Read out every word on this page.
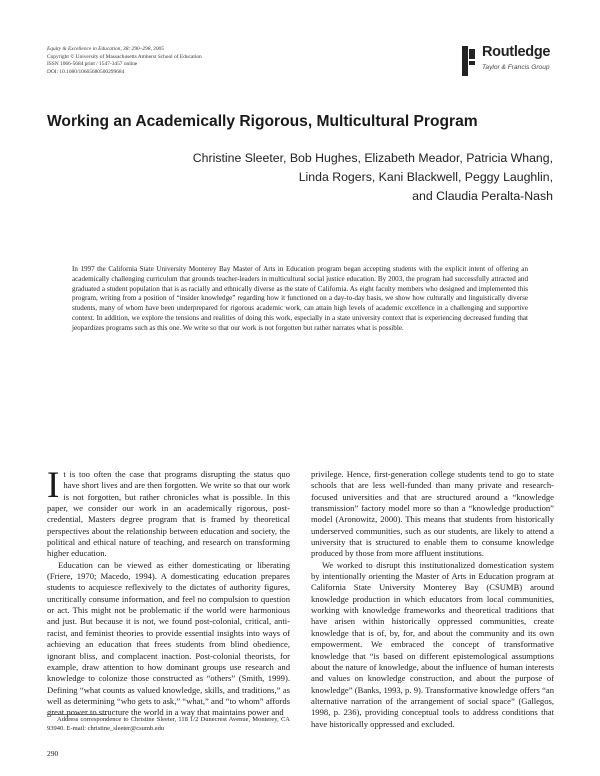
Equity & Excellence in Education, 38: 290–298, 2005
Copyright © University of Massachusetts Amherst School of Education
ISSN 1066-5684 print / 1547-3457 online
DOI: 10.1080/10665680500299684
Routledge
Taylor & Francis Group
Working an Academically Rigorous, Multicultural Program
Christine Sleeter, Bob Hughes, Elizabeth Meador, Patricia Whang,
Linda Rogers, Kani Blackwell, Peggy Laughlin,
and Claudia Peralta-Nash

In 1997 the California State University Monterey Bay Master of Arts in Education program began accepting students with the explicit intent of offering an academically challenging curriculum that grounds teacher-leaders in multicultural social justice education. By 2003, the program had successfully attracted and graduated a student population that is as racially and ethnically diverse as the state of California. As eight faculty members who designed and implemented this program, writing from a position of “insider knowledge” regarding how it functioned on a day-to-day basis, we show how culturally and linguistically diverse students, many of whom have been underprepared for rigorous academic work, can attain high levels of academic excellence in a challenging and supportive context. In addition, we explore the tensions and realities of doing this work, especially in a state university context that is experiencing decreased funding that jeopardizes programs such as this one. We write so that our work is not forgotten but rather narrates what is possible.

It is too often the case that programs disrupting the status quo have short lives and are then forgotten. We write so that our work is not forgotten, but rather chronicles what is possible. In this paper, we consider our work in an academically rigorous, post-credential, Masters degree program that is framed by theoretical perspectives about the relationship between education and society, the political and ethical nature of teaching, and research on transforming higher education.

Education can be viewed as either domesticating or liberating (Friere, 1970; Macedo, 1994). A domesticating education prepares students to acquiesce reflexively to the dictates of authority figures, uncritically consume information, and feel no compulsion to question or act. This might not be problematic if the world were harmonious and just. But because it is not, we found post-colonial, critical, anti-racist, and feminist theories to provide essential insights into ways of achieving an education that frees students from blind obedience, ignorant bliss, and complacent inaction. Post-colonial theorists, for example, draw attention to how dominant groups use research and knowledge to colonize those constructed as “others” (Smith, 1999). Defining “what counts as valued knowledge, skills, and traditions,” as well as determining “who gets to ask,” “what,” and “to whom” affords great power to structure the world in a way that maintains power and

privilege. Hence, first-generation college students tend to go to state schools that are less well-funded than many private and research-focused universities and that are structured around a “knowledge transmission” factory model more so than a “knowledge production” model (Aronowitz, 2000). This means that students from historically underserved communities, such as our students, are likely to attend a university that is structured to enable them to consume knowledge produced by those from more affluent institutions.

We worked to disrupt this institutionalized domestication system by intentionally orienting the Master of Arts in Education program at California State University Monterey Bay (CSUMB) around knowledge production in which educators from local communities, working with knowledge frameworks and theoretical traditions that have arisen within historically oppressed communities, create knowledge that is of, by, for, and about the community and its own empowerment. We embraced the concept of transformative knowledge that “is based on different epistemological assumptions about the nature of knowledge, about the influence of human interests and values on knowledge construction, and about the purpose of knowledge” (Banks, 1993, p. 9). Transformative knowledge offers “an alternative narration of the arrangement of social space” (Gallegos, 1998, p. 236), providing conceptual tools to address conditions that have historically oppressed and excluded.

Address correspondence to Christine Sleeter, 118 1/2 Dunecrest Avenue, Monterey, CA 93940. E-mail: christine_sleeter@csumb.edu

290
